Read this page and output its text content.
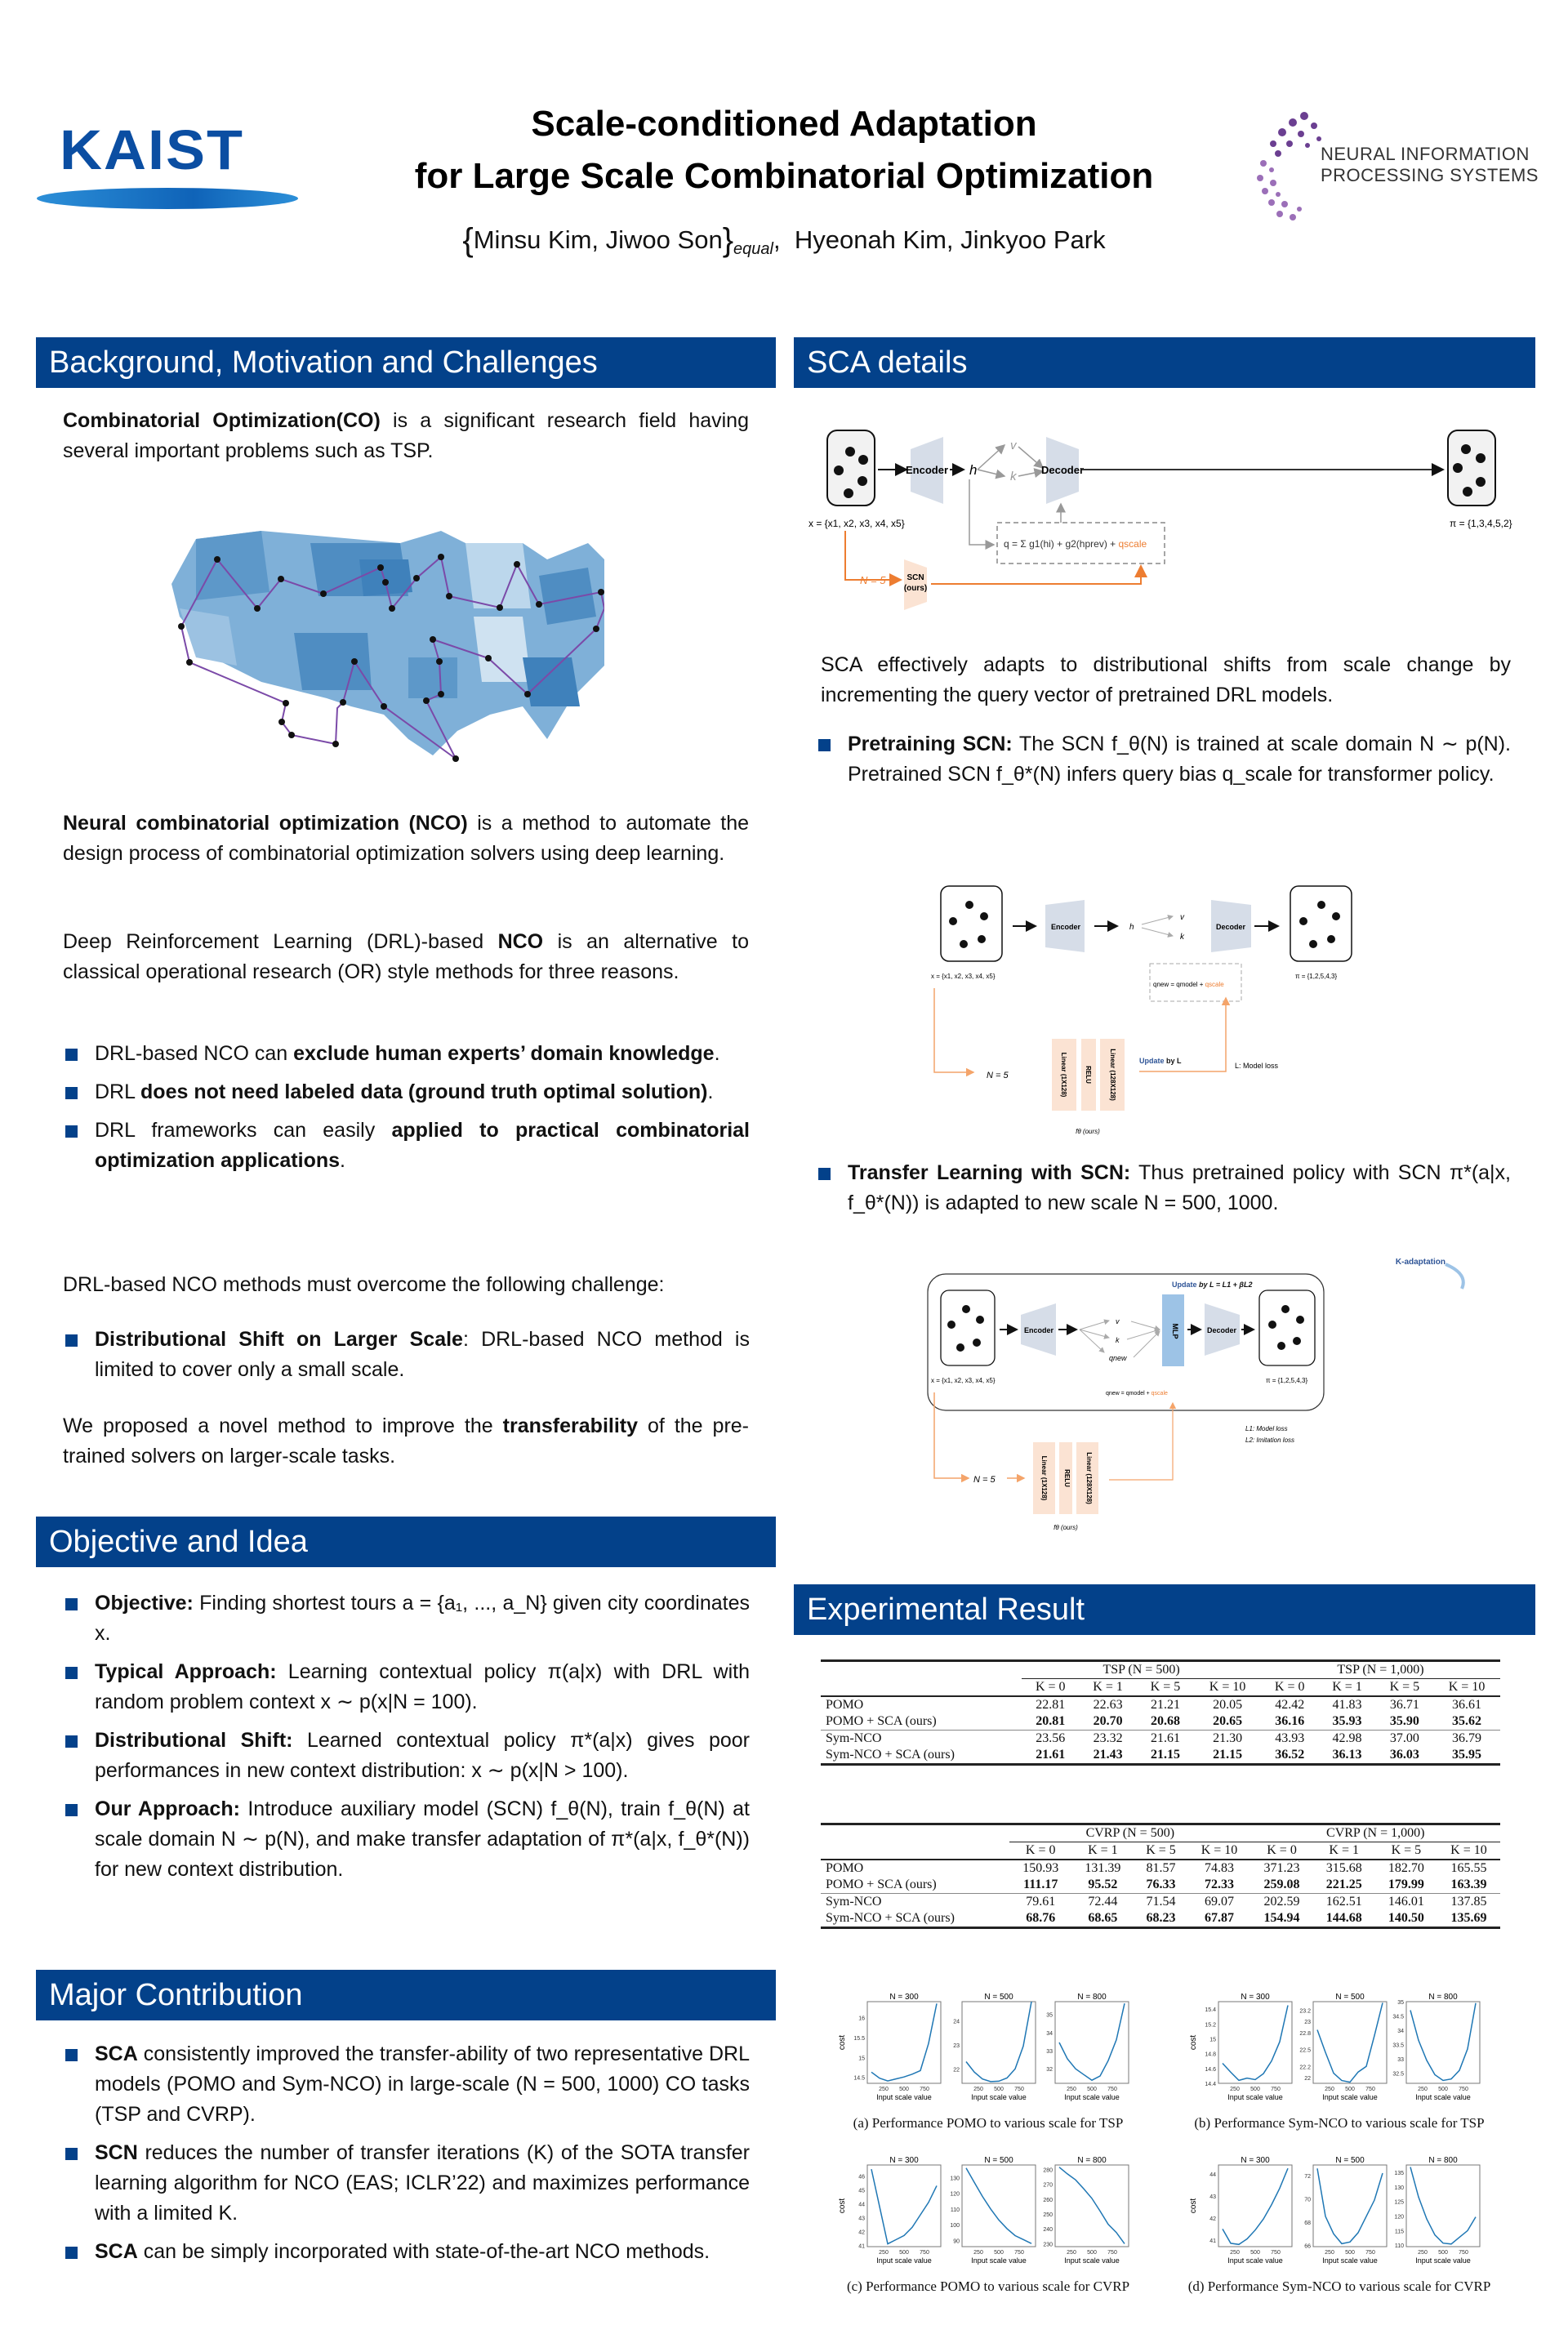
KAIST	Scale-conditioned Adaptation
for Large Scale Combinatorial Optimization
{Minsu Kim, Jiwoo $Son\}_{equal}$,  Hyeonah Kim, Jinkyoo Park
NEURAL INFORMATION
PROCESSING SYSTEMS
Background, Motivation and Challenges
Combinatorial Optimization(CO) is a significant research field having several important problems such as TSP.
Neural combinatorial optimization (NCO) is a method to automate the design process of combinatorial optimization solvers using deep learning.
Deep Reinforcement Learning (DRL)-based NCO is an alternative to classical operational research (OR) style methods for three reasons.
DRL-based NCO can exclude human experts’ domain knowledge.
DRL does not need labeled data (ground truth optimal solution).
DRL frameworks can easily applied to practical combinatorial optimization applications.
DRL-based NCO methods must overcome the following challenge:
Distributional Shift on Larger Scale: DRL-based NCO method is limited to cover only a small scale.
We proposed a novel method to improve the transferability of the pre-trained solvers on larger-scale tasks.
Objective and Idea
Objective: Finding shortest tours a = {a₁, ..., a_N} given city coordinates x.
Typical Approach: Learning contextual policy π(a|x) with DRL with random problem context x ∼ p(x|N = 100).
Distributional Shift: Learned contextual policy π*(a|x) gives poor performances in new context distribution: x ∼ p(x|N > 100).
Our Approach: Introduce auxiliary model (SCN) f_θ(N), train f_θ(N) at scale domain N ∼ p(N), and make transfer adaptation of π*(a|x, f_θ*(N)) for new context distribution.
Major Contribution
SCA consistently improved the transfer-ability of two representative DRL models (POMO and Sym-NCO) in large-scale (N = 500, 1000) CO tasks (TSP and CVRP).
SCN reduces the number of transfer iterations (K) of the SOTA transfer learning algorithm for NCO (EAS; ICLR’22) and maximizes performance with a limited K.
SCA can be simply incorporated with state-of-the-art NCO methods.
SCA details
Encoder h
v
k Decoder
x = {x1, x2, x3, x4, x5}	π = {1,3,4,5,2}
q = Σ g1(hi) + g2(hprev) + qscale
N = 5	SCN
(ours)
SCA effectively adapts to distributional shifts from scale change by incrementing the query vector of pretrained DRL models.
Pretraining SCN: The SCN f_θ(N) is trained at scale domain N ∼ p(N). Pretrained SCN f_θ*(N) infers query bias q_scale for transformer policy.
Encoder	h
v
k
Decoder
x = {x1, x2, x3, x4, x5}	π = {1,2,5,4,3}
qnew = qmodel + qscale
N = 5	Linear (1X128)	RELU	Linear (128X128)
fθ (ours)
Update by L
L: Model loss
Transfer Learning with SCN: Thus pretrained policy with SCN π*(a|x, f_θ*(N)) is adapted to new scale N = 500, 1000.
K-adaptation
Update by L = L1 + βL2
Encoder
v
k
qnew
MLP	Decoder
x = {x1, x2, x3, x4, x5}	π = {1,2,5,4,3}
qnew = qmodel + qscale
L1: Model loss
L2: Imitation loss
N = 5	Linear (1X128) RELU Linear (128X128)
fθ (ours)
Experimental Result
	TSP (N = 500)				TSP (N = 1,000)			
	K = 0	K = 1	K = 5	K = 10	K = 0	K = 1	K = 5	K = 10
POMO	22.81	22.63	21.21	20.05	42.42	41.83	36.71	36.61
POMO + SCA (ours)	20.81	20.70	20.68	20.65	36.16	35.93	35.90	35.62
Sym-NCO	23.56	23.32	21.61	21.30	43.93	42.98	37.00	36.79
Sym-NCO + SCA (ours)	21.61	21.43	21.15	21.15	36.52	36.13	36.03	35.95
	CVRP (N = 500)				CVRP (N = 1,000)			
	K = 0	K = 1	K = 5	K = 10	K = 0	K = 1	K = 5	K = 10
POMO	150.93	131.39	81.57	74.83	371.23	315.68	182.70	165.55
POMO + SCA (ours)	111.17	95.52	76.33	72.33	259.08	221.25	179.99	163.39
Sym-NCO	79.61	72.44	71.54	69.07	202.59	162.51	146.01	137.85
Sym-NCO + SCA (ours)	68.76	68.65	68.23	67.87	154.94	144.68	140.50	135.69
N = 300
14.5
15
15.5
16
250 500 750
Input scale value
cost
N = 500
22
23
24
250 500 750
Input scale value
N = 800
32
33
34
35
250 500 750
Input scale value
(a) Performance POMO to various scale for TSP
N = 300
14.4
14.6
14.8
15
15.2
15.4
250 500 750
Input scale value
cost
N = 500
22
22.2
22.5
22.8
23
23.2
250 500 750
Input scale value
N = 800
32.5
33
33.5
34
34.5
35
250 500 750
Input scale value
(b) Performance Sym-NCO to various scale for TSP
N = 300
41
42
43
44
45
46
250 500 750
Input scale value
cost
N = 500
90
100
110
120
130
250 500 750
Input scale value
N = 800
230
240
250
260
270
280
250 500 750
Input scale value
(c) Performance POMO to various scale for CVRP
N = 300
41
42
43
44
250 500 750
Input scale value
cost
N = 500
66
68
70
72
250 500 750
Input scale value
N = 800
110
115
120
125
130
135
250 500 750
Input scale value
(d) Performance Sym-NCO to various scale for CVRP
